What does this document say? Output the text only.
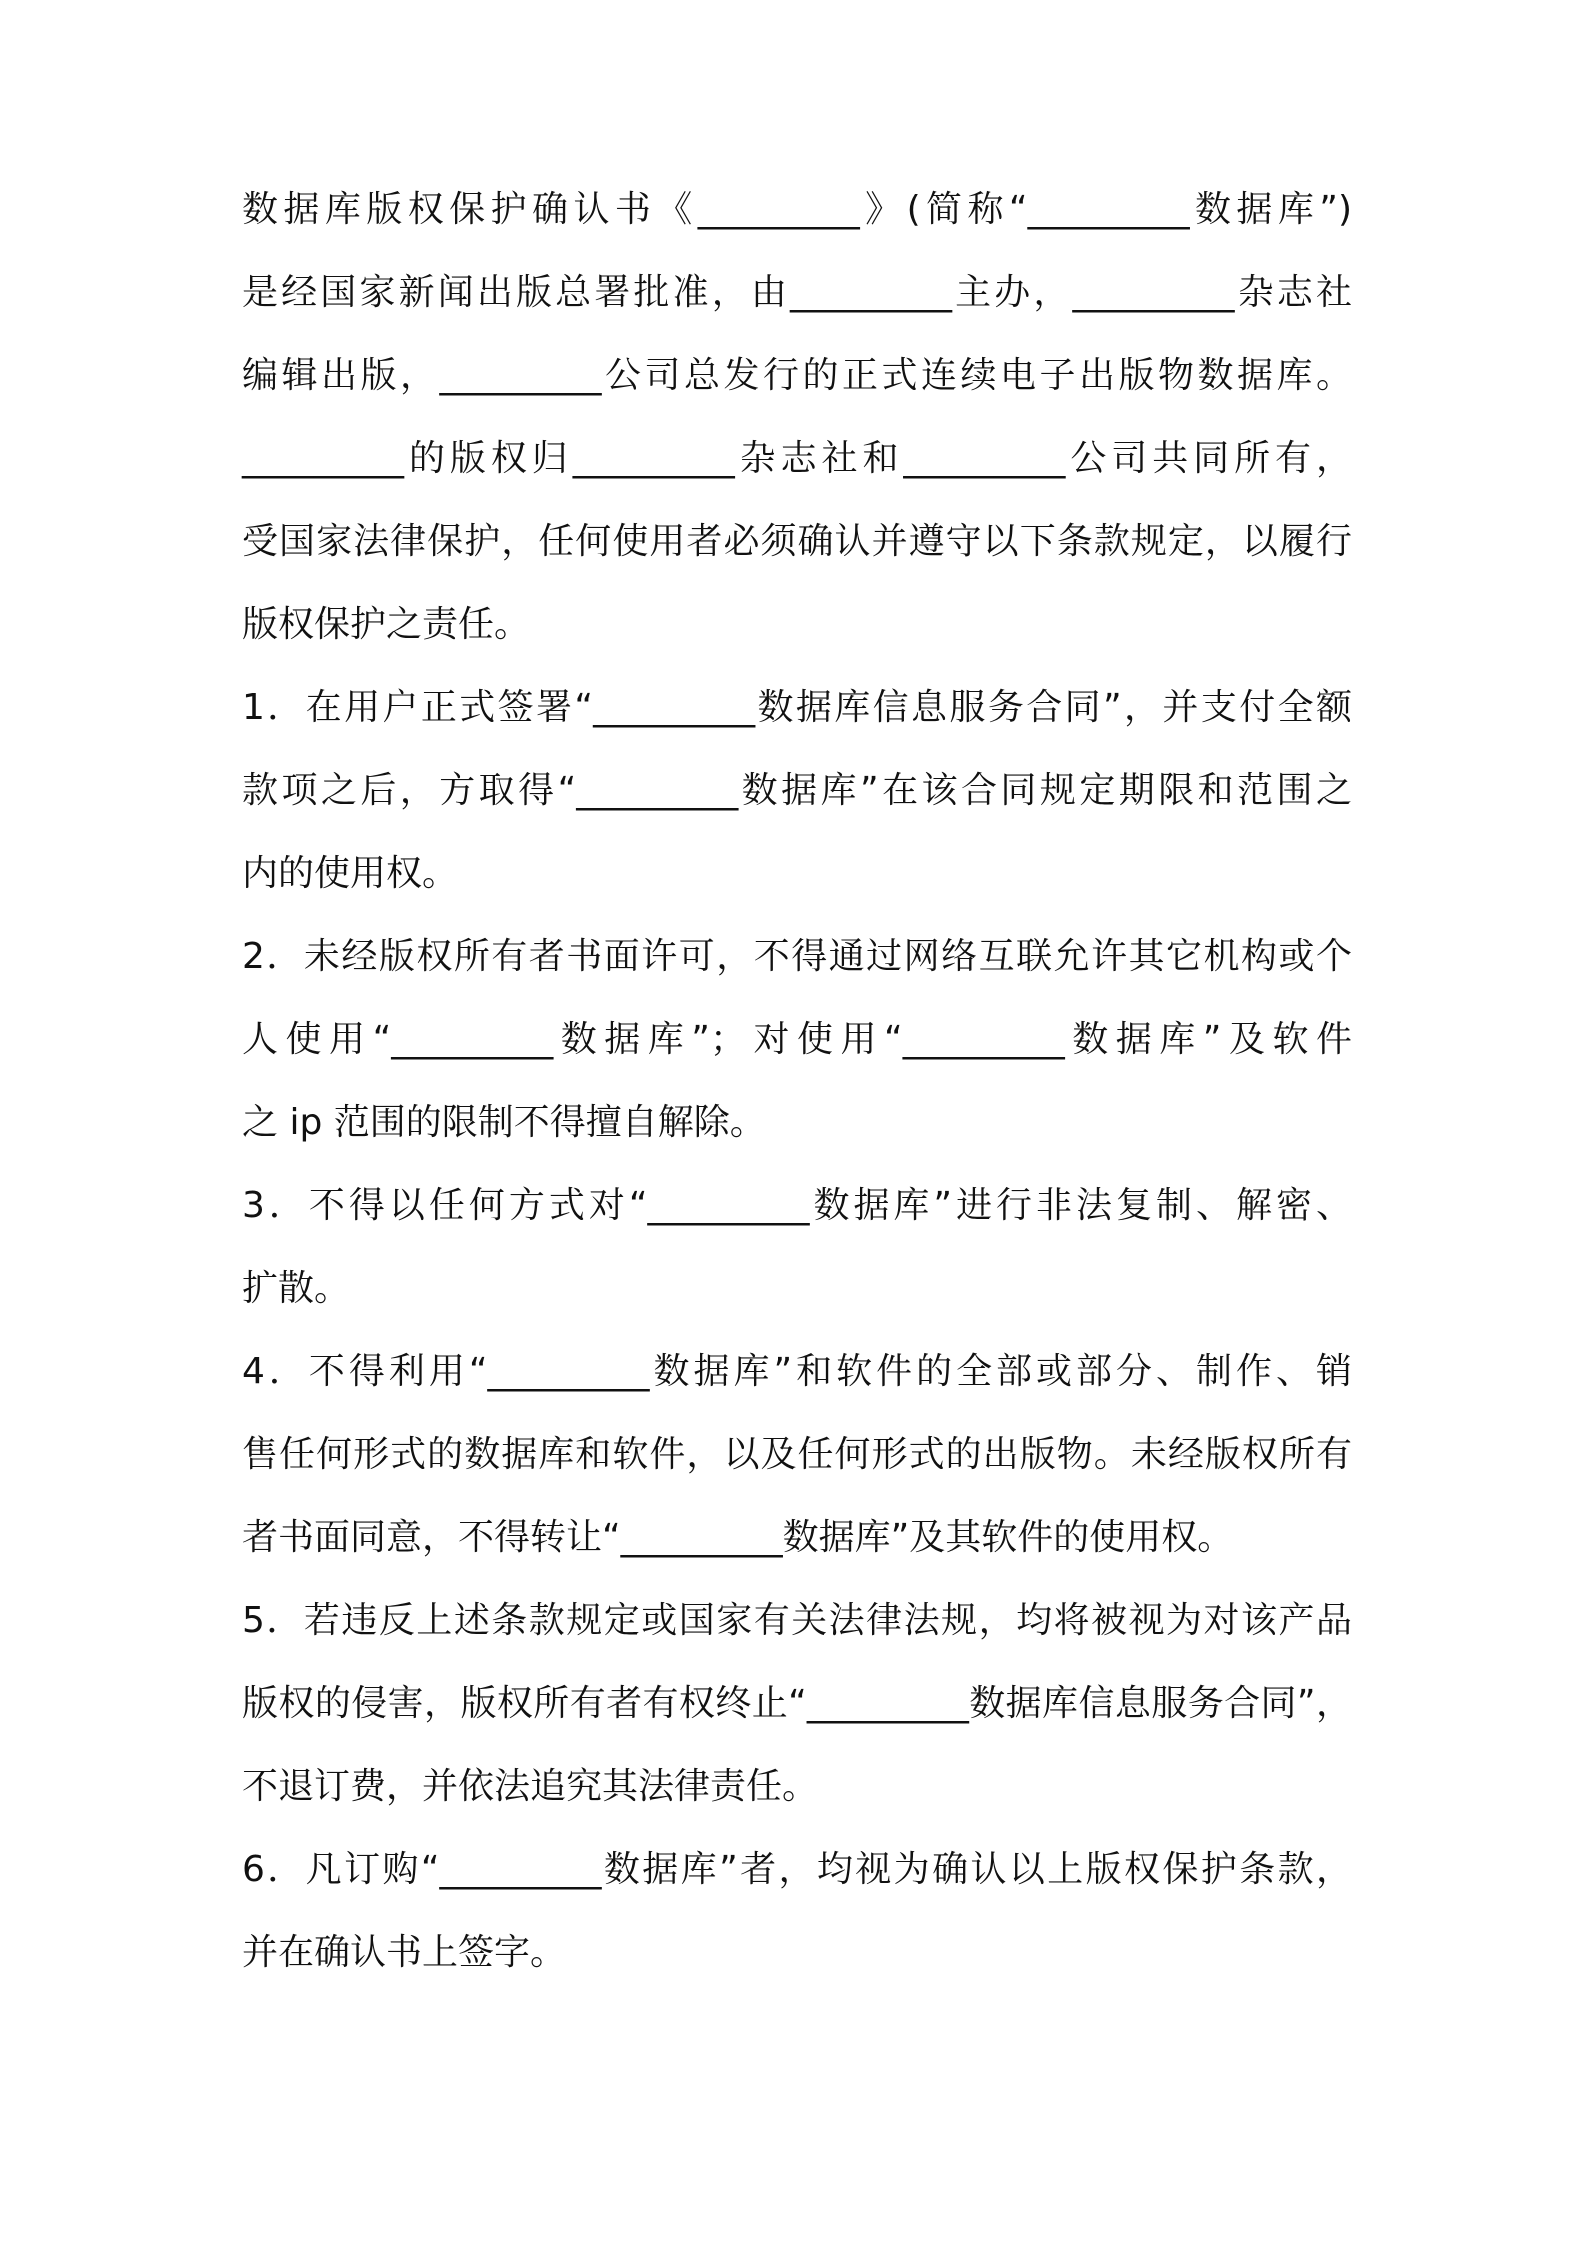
数据库版权保护确认书《_________》(简称“_________数据库”)
是经国家新闻出版总署批准，由_________主办，_________杂志社
编辑出版，_________公司总发行的正式连续电子出版物数据库。
_________的版权归_________杂志社和_________公司共同所有，
受国家法律保护，任何使用者必须确认并遵守以下条款规定，以履行
版权保护之责任。
1．在用户正式签署“_________数据库信息服务合同”，并支付全额
款项之后，方取得“_________数据库”在该合同规定期限和范围之
内的使用权。
2．未经版权所有者书面许可，不得通过网络互联允许其它机构或个
人使用“_________数据库”；对使用“_________数据库”及软件
之 ip 范围的限制不得擅自解除。
3．不得以任何方式对“_________数据库”进行非法复制、解密、
扩散。
4．不得利用“_________数据库”和软件的全部或部分、制作、销
售任何形式的数据库和软件，以及任何形式的出版物。未经版权所有
者书面同意，不得转让“_________数据库”及其软件的使用权。
5．若违反上述条款规定或国家有关法律法规，均将被视为对该产品
版权的侵害，版权所有者有权终止“_________数据库信息服务合同”，
不退订费，并依法追究其法律责任。
6．凡订购“_________数据库”者，均视为确认以上版权保护条款，
并在确认书上签字。
